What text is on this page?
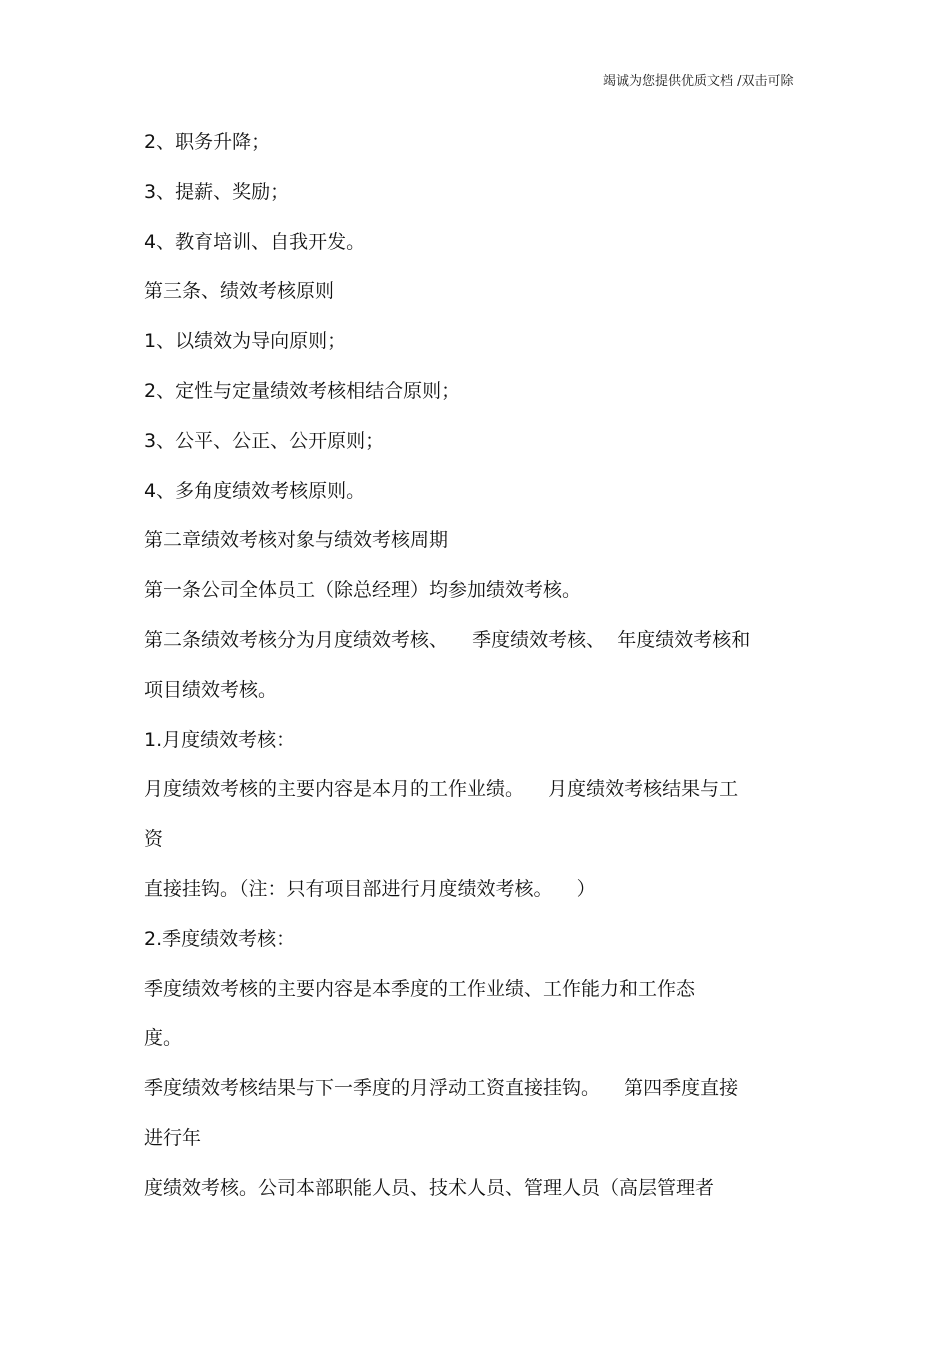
竭诚为您提供优质文档 /双击可除
2、职务升降；
3、提薪、奖励；
4、教育培训、自我开发。
第三条、绩效考核原则
1、以绩效为导向原则；
2、定性与定量绩效考核相结合原则；
3、公平、公正、公开原则；
4、多角度绩效考核原则。
第二章绩效考核对象与绩效考核周期
第一条公司全体员工（除总经理）均参加绩效考核。
第二条绩效考核分为月度绩效考核、    季度绩效考核、  年度绩效考核和
项目绩效考核。
1.月度绩效考核：
月度绩效考核的主要内容是本月的工作业绩。    月度绩效考核结果与工
资
直接挂钩。（注：只有项目部进行月度绩效考核。    ）
2.季度绩效考核：
季度绩效考核的主要内容是本季度的工作业绩、工作能力和工作态
度。
季度绩效考核结果与下一季度的月浮动工资直接挂钩。    第四季度直接
进行年
度绩效考核。公司本部职能人员、技术人员、管理人员（高层管理者
